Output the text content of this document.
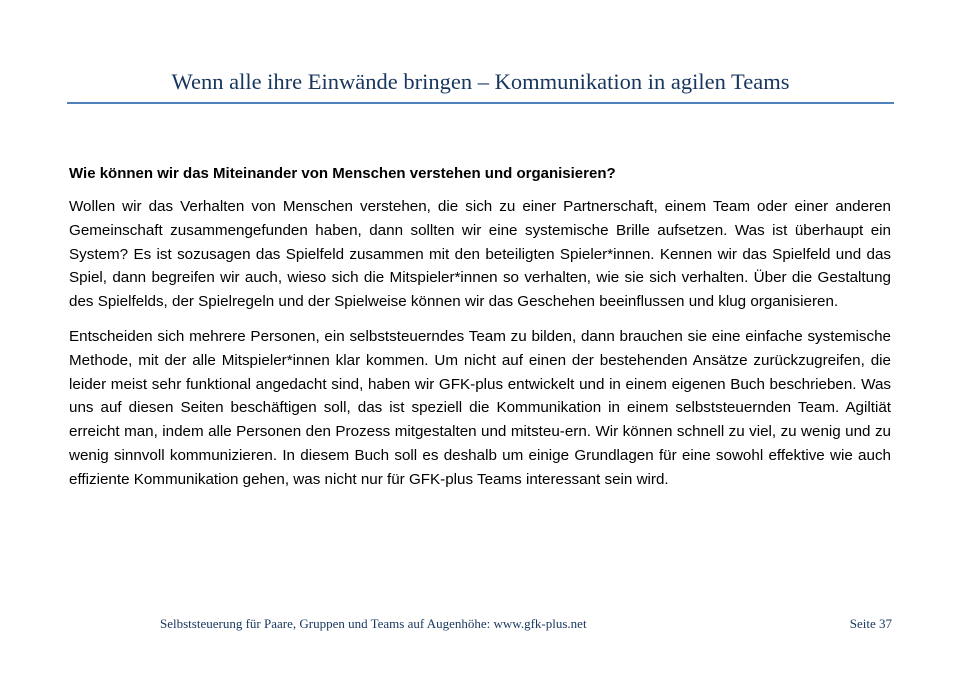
Wenn alle ihre Einwände bringen – Kommunikation in agilen Teams

Wie können wir das Miteinander von Menschen verstehen und organisieren?

Wollen wir das Verhalten von Menschen verstehen, die sich zu einer Partnerschaft, einem Team oder einer anderen Gemeinschaft zusammengefunden haben, dann sollten wir eine systemische Brille aufsetzen. Was ist überhaupt ein System? Es ist sozusagen das Spielfeld zusammen mit den beteiligten Spieler*innen. Kennen wir das Spielfeld und das Spiel, dann begreifen wir auch, wieso sich die Mitspieler*innen so verhalten, wie sie sich verhalten. Über die Gestaltung des Spielfelds, der Spielregeln und der Spielweise können wir das Geschehen beeinflussen und klug organisieren.

Entscheiden sich mehrere Personen, ein selbststeuerndes Team zu bilden, dann brauchen sie eine einfache systemische Methode, mit der alle Mitspieler*innen klar kommen. Um nicht auf einen der bestehenden Ansätze zurückzugreifen, die leider meist sehr funktional angedacht sind, haben wir GFK-plus entwickelt und in einem eigenen Buch beschrieben. Was uns auf diesen Seiten beschäftigen soll, das ist speziell die Kommunikation in einem selbststeuernden Team. Agiltiät erreicht man, indem alle Personen den Prozess mitgestalten und mitsteu-ern. Wir können schnell zu viel, zu wenig und zu wenig sinnvoll kommunizieren. In diesem Buch soll es deshalb um einige Grundlagen für eine sowohl effektive wie auch effiziente Kommunikation gehen, was nicht nur für GFK-plus Teams interessant sein wird.

Selbststeuerung für Paare, Gruppen und Teams auf Augenhöhe: www.gfk-plus.net	Seite 37
